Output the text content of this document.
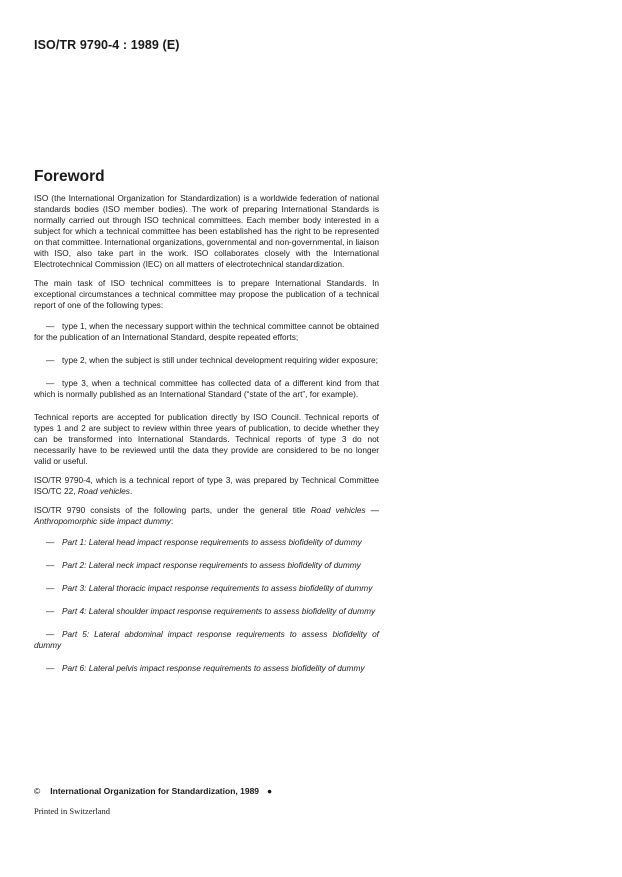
ISO/TR 9790-4 : 1989 (E)
Foreword

ISO (the International Organization for Standardization) is a worldwide federation of national standards bodies (ISO member bodies). The work of preparing International Standards is normally carried out through ISO technical committees. Each member body interested in a subject for which a technical committee has been established has the right to be represented on that committee. International organizations, governmental and non-governmental, in liaison with ISO, also take part in the work. ISO collaborates closely with the International Electrotechnical Commission (IEC) on all matters of electrotechnical standardization.

The main task of ISO technical committees is to prepare International Standards. In exceptional circumstances a technical committee may propose the publication of a technical report of one of the following types:

— type 1, when the necessary support within the technical committee cannot be obtained for the publication of an International Standard, despite repeated efforts;

— type 2, when the subject is still under technical development requiring wider exposure;

— type 3, when a technical committee has collected data of a different kind from that which is normally published as an International Standard (“state of the art”, for example).

Technical reports are accepted for publication directly by ISO Council. Technical reports of types 1 and 2 are subject to review within three years of publication, to decide whether they can be transformed into International Standards. Technical reports of type 3 do not necessarily have to be reviewed until the data they provide are considered to be no longer valid or useful.

ISO/TR 9790-4, which is a technical report of type 3, was prepared by Technical Committee ISO/TC 22, Road vehicles.

ISO/TR 9790 consists of the following parts, under the general title Road vehicles — Anthropomorphic side impact dummy:

— Part 1: Lateral head impact response requirements to assess biofidelity of dummy

— Part 2: Lateral neck impact response requirements to assess biofidelity of dummy

— Part 3: Lateral thoracic impact response requirements to assess biofidelity of dummy

— Part 4: Lateral shoulder impact response requirements to assess biofidelity of dummy

— Part 5: Lateral abdominal impact response requirements to assess biofidelity of dummy

— Part 6: Lateral pelvis impact response requirements to assess biofidelity of dummy

© International Organization for Standardization, 1989 ●

Printed in Switzerland
